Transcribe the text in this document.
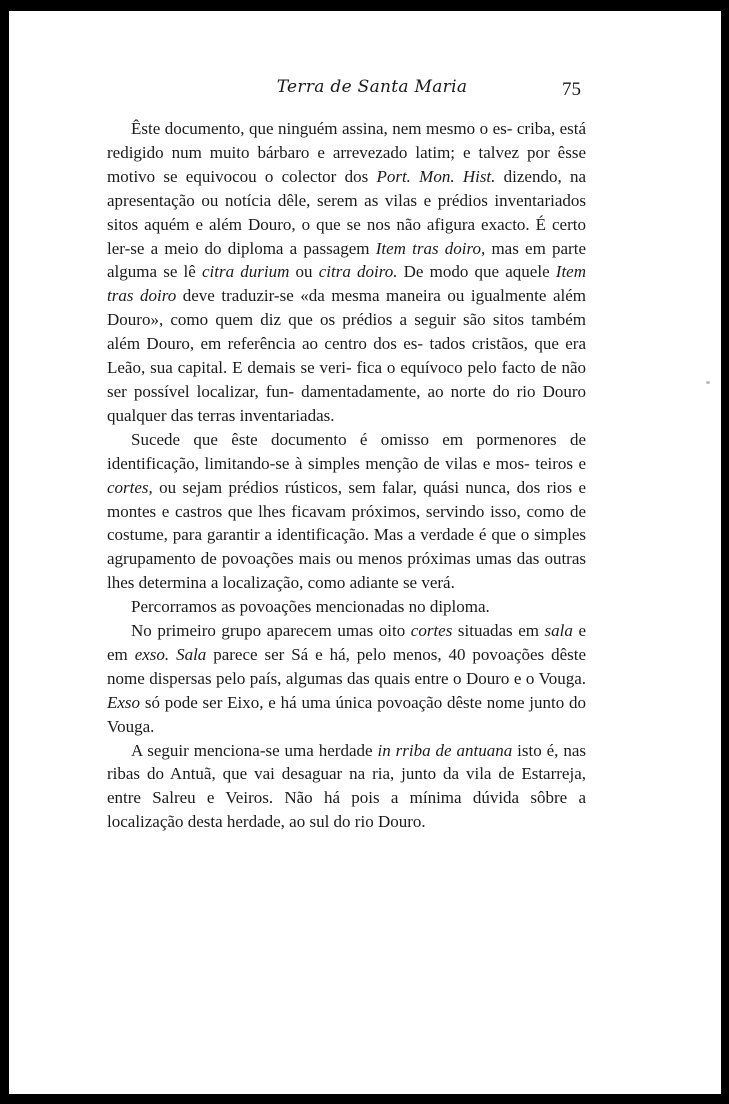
Terra de Santa Maria	75

Êste documento, que ninguém assina, nem mesmo o es- criba, está redigido num muito bárbaro e arrevezado latim; e talvez por êsse motivo se equivocou o colector dos Port. Mon. Hist. dizendo, na apresentação ou notícia dêle, serem as vilas e prédios inventariados sitos aquém e além Douro, o que se nos não afigura exacto. É certo ler-se a meio do diploma a passagem Item tras doiro, mas em parte alguma se lê citra durium ou citra doiro. De modo que aquele Item tras doiro deve traduzir-se «da mesma maneira ou igualmente além Douro», como quem diz que os prédios a seguir são sitos também além Douro, em referência ao centro dos es- tados cristãos, que era Leão, sua capital. E demais se veri- fica o equívoco pelo facto de não ser possível localizar, fun- damentadamente, ao norte do rio Douro qualquer das terras inventariadas.

Sucede que êste documento é omisso em pormenores de identificação, limitando-se à simples menção de vilas e mos- teiros e cortes, ou sejam prédios rústicos, sem falar, quási nunca, dos rios e montes e castros que lhes ficavam próximos, servindo isso, como de costume, para garantir a identificação. Mas a verdade é que o simples agrupamento de povoações mais ou menos próximas umas das outras lhes determina a localização, como adiante se verá.

Percorramos as povoações mencionadas no diploma.

No primeiro grupo aparecem umas oito cortes situadas em sala e em exso. Sala parece ser Sá e há, pelo menos, 40 povoações dêste nome dispersas pelo país, algumas das quais entre o Douro e o Vouga. Exso só pode ser Eixo, e há uma única povoação dêste nome junto do Vouga.

A seguir menciona-se uma herdade in rriba de antuana isto é, nas ribas do Antuã, que vai desaguar na ria, junto da vila de Estarreja, entre Salreu e Veiros. Não há pois a mínima dúvida sôbre a localização desta herdade, ao sul do rio Douro.
